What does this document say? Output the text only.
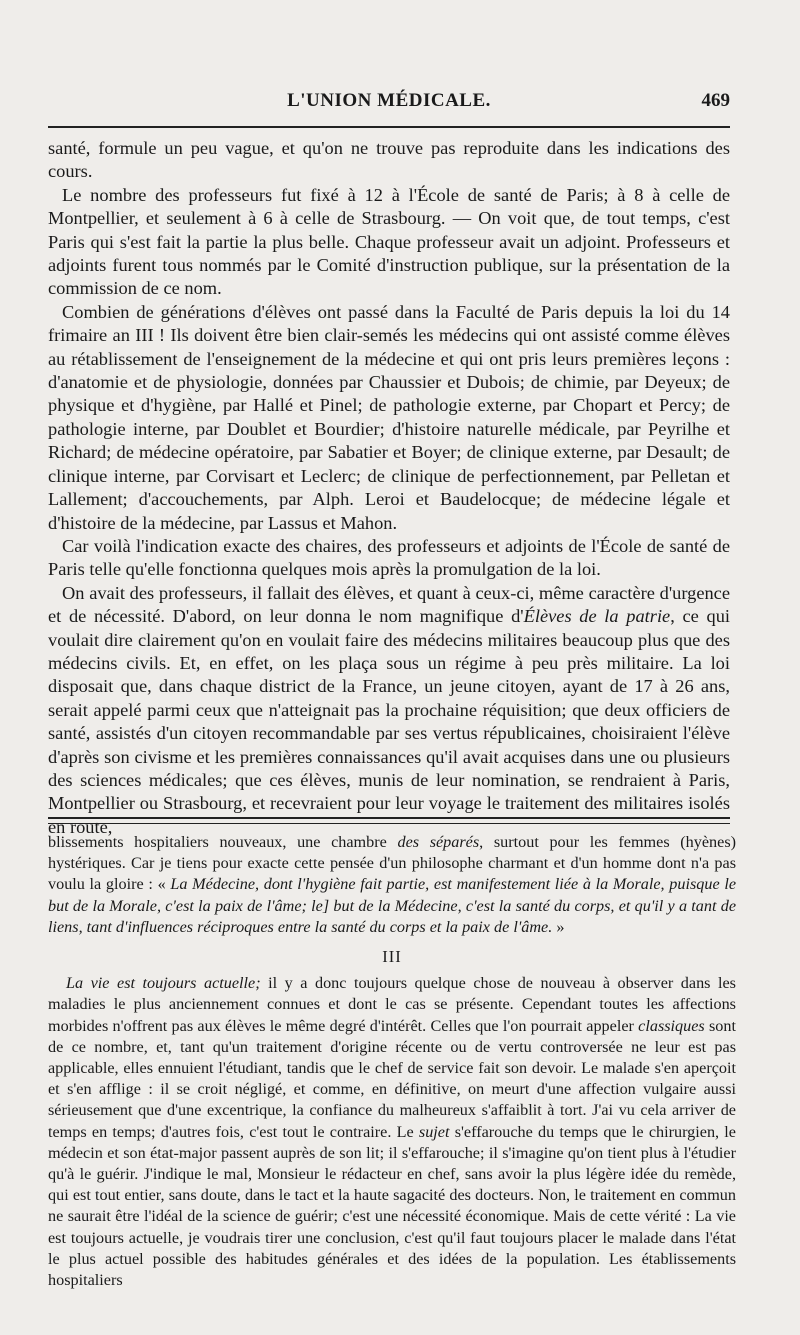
L'UNION MÉDICALE.	469

santé, formule un peu vague, et qu'on ne trouve pas reproduite dans les indications des cours.

Le nombre des professeurs fut fixé à 12 à l'École de santé de Paris; à 8 à celle de Montpellier, et seulement à 6 à celle de Strasbourg. — On voit que, de tout temps, c'est Paris qui s'est fait la partie la plus belle. Chaque professeur avait un adjoint. Professeurs et adjoints furent tous nommés par le Comité d'instruction publique, sur la présentation de la commission de ce nom.

Combien de générations d'élèves ont passé dans la Faculté de Paris depuis la loi du 14 frimaire an III ! Ils doivent être bien clair-semés les médecins qui ont assisté comme élèves au rétablissement de l'enseignement de la médecine et qui ont pris leurs premières leçons : d'anatomie et de physiologie, données par Chaussier et Dubois; de chimie, par Deyeux; de physique et d'hygiène, par Hallé et Pinel; de pathologie externe, par Chopart et Percy; de pathologie interne, par Doublet et Bourdier; d'histoire naturelle médicale, par Peyrilhe et Richard; de médecine opératoire, par Sabatier et Boyer; de clinique externe, par Desault; de clinique interne, par Corvisart et Leclerc; de clinique de perfectionnement, par Pelletan et Lallement; d'accouchements, par Alph. Leroi et Baudelocque; de médecine légale et d'histoire de la médecine, par Lassus et Mahon.

Car voilà l'indication exacte des chaires, des professeurs et adjoints de l'École de santé de Paris telle qu'elle fonctionna quelques mois après la promulgation de la loi.

On avait des professeurs, il fallait des élèves, et quant à ceux-ci, même caractère d'urgence et de nécessité. D'abord, on leur donna le nom magnifique d'Élèves de la patrie, ce qui voulait dire clairement qu'on en voulait faire des médecins militaires beaucoup plus que des médecins civils. Et, en effet, on les plaça sous un régime à peu près militaire. La loi disposait que, dans chaque district de la France, un jeune citoyen, ayant de 17 à 26 ans, serait appelé parmi ceux que n'atteignait pas la prochaine réquisition; que deux officiers de santé, assistés d'un citoyen recommandable par ses vertus républicaines, choisiraient l'élève d'après son civisme et les premières connaissances qu'il avait acquises dans une ou plusieurs des sciences médicales; que ces élèves, munis de leur nomination, se rendraient à Paris, Montpellier ou Strasbourg, et recevraient pour leur voyage le traitement des militaires isolés en route,

blissements hospitaliers nouveaux, une chambre des séparés, surtout pour les femmes (hyènes) hystériques. Car je tiens pour exacte cette pensée d'un philosophe charmant et d'un homme dont n'a pas voulu la gloire : « La Médecine, dont l'hygiène fait partie, est manifestement liée à la Morale, puisque le but de la Morale, c'est la paix de l'âme; le] but de la Médecine, c'est la santé du corps, et qu'il y a tant de liens, tant d'influences réciproques entre la santé du corps et la paix de l'âme. »

III

La vie est toujours actuelle; il y a donc toujours quelque chose de nouveau à observer dans les maladies le plus anciennement connues et dont le cas se présente. Cependant toutes les affections morbides n'offrent pas aux élèves le même degré d'intérêt. Celles que l'on pourrait appeler classiques sont de ce nombre, et, tant qu'un traitement d'origine récente ou de vertu controversée ne leur est pas applicable, elles ennuient l'étudiant, tandis que le chef de service fait son devoir. Le malade s'en aperçoit et s'en afflige : il se croit négligé, et comme, en définitive, on meurt d'une affection vulgaire aussi sérieusement que d'une excentrique, la confiance du malheureux s'affaiblit à tort. J'ai vu cela arriver de temps en temps; d'autres fois, c'est tout le contraire. Le sujet s'effarouche du temps que le chirurgien, le médecin et son état-major passent auprès de son lit; il s'effarouche; il s'imagine qu'on tient plus à l'étudier qu'à le guérir. J'indique le mal, Monsieur le rédacteur en chef, sans avoir la plus légère idée du remède, qui est tout entier, sans doute, dans le tact et la haute sagacité des docteurs. Non, le traitement en commun ne saurait être l'idéal de la science de guérir; c'est une nécessité économique. Mais de cette vérité : La vie est toujours actuelle, je voudrais tirer une conclusion, c'est qu'il faut toujours placer le malade dans l'état le plus actuel possible des habitudes générales et des idées de la population. Les établissements hospitaliers
